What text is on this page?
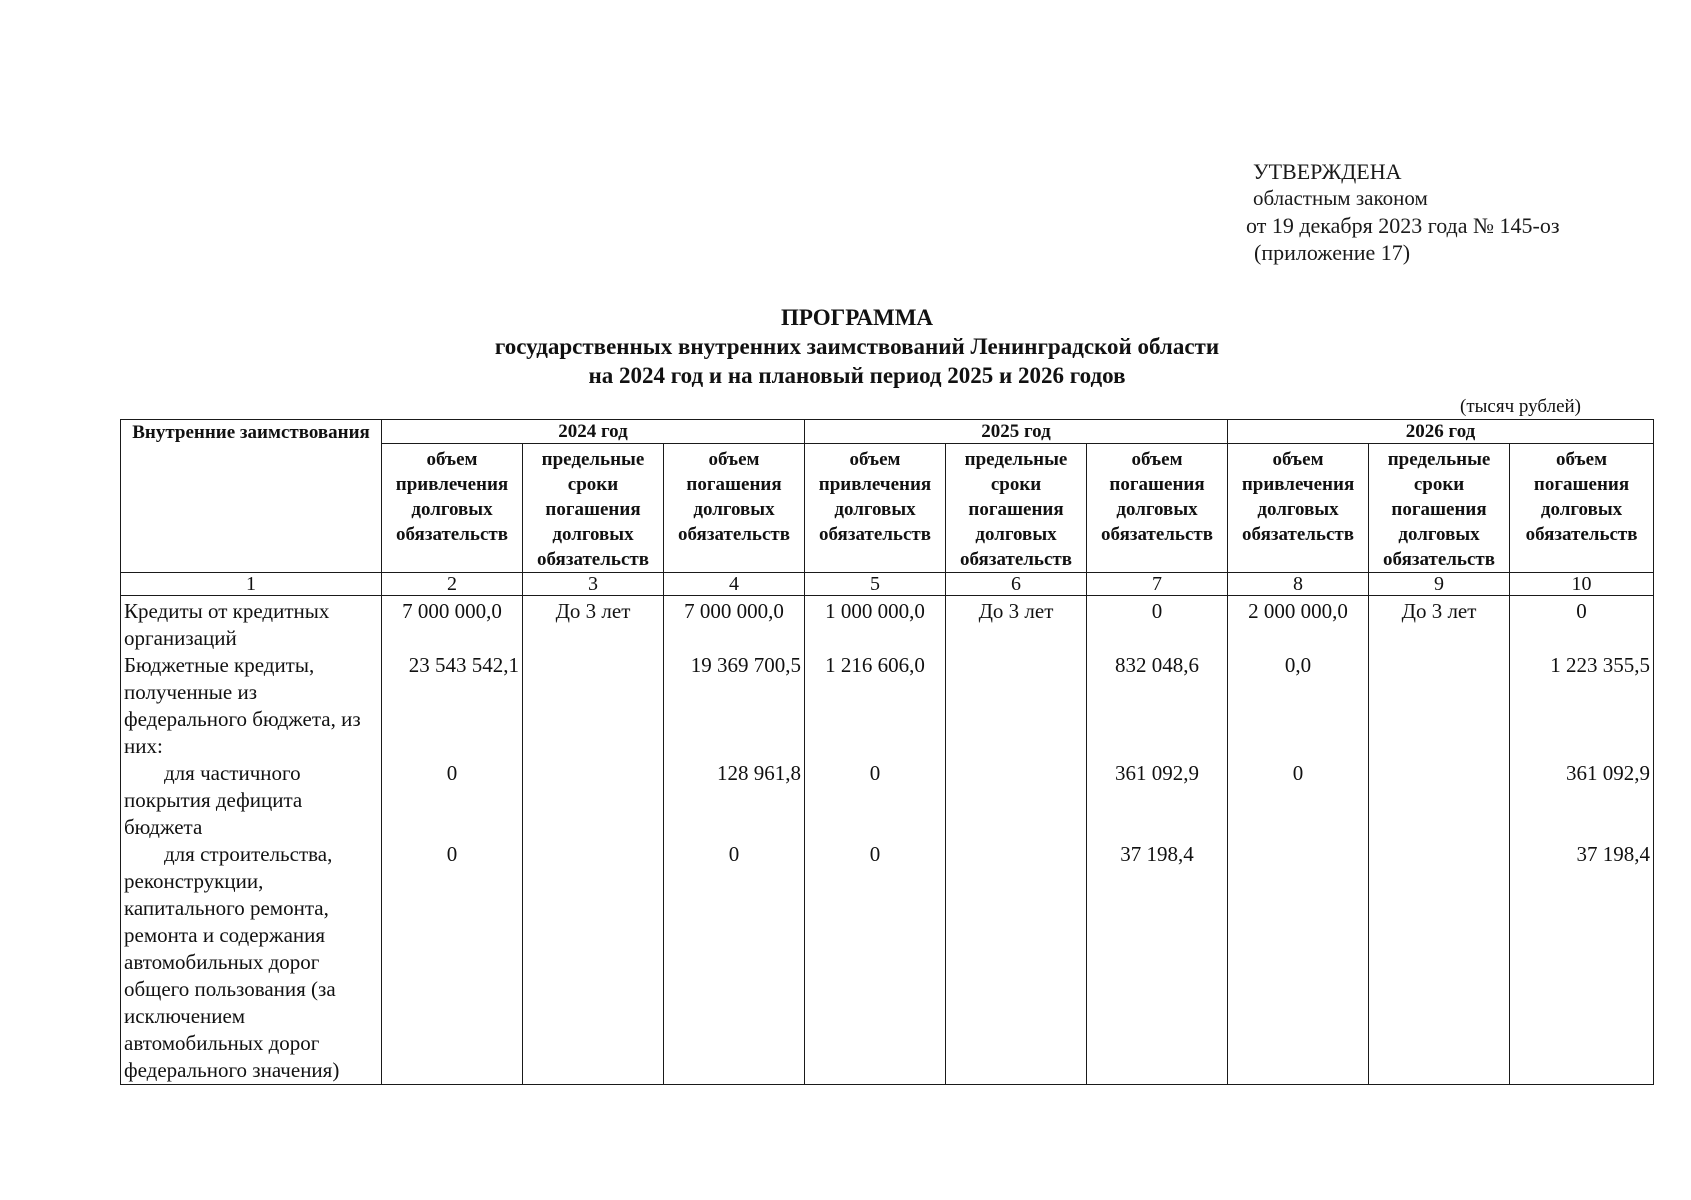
УТВЕРЖДЕНА
областным законом
от 19 декабря 2023 года № 145-оз
(приложение 17)
ПРОГРАММА
государственных внутренних заимствований Ленинградской области
на 2024 год и на плановый период 2025 и 2026 годов
(тысяч рублей)
Внутренние заимствования	2024 год			2025 год			2026 год		
	объем привлечения долговых обязательств	предельные сроки погашения долговых обязательств	объем погашения долговых обязательств	объем привлечения долговых обязательств	предельные сроки погашения долговых обязательств	объем погашения долговых обязательств	объем привлечения долговых обязательств	предельные сроки погашения долговых обязательств	объем погашения долговых обязательств
1	2	3	4	5	6	7	8	9	10
Кредиты от кредитных организаций	7 000 000,0	До 3 лет	7 000 000,0	1 000 000,0	До 3 лет	0	2 000 000,0	До 3 лет	0
Бюджетные кредиты, полученные из федерального бюджета, из них:	23 543 542,1		19 369 700,5	1 216 606,0		832 048,6	0,0		1 223 355,5

для частичного покрытия дефицита бюджета	0		128 961,8	0		361 092,9	0		361 092,9

для строительства, реконструкции, капитального ремонта, ремонта и содержания автомобильных дорог общего пользования (за исключением автомобильных дорог федерального значения)	0		0	0		37 198,4			37 198,4
